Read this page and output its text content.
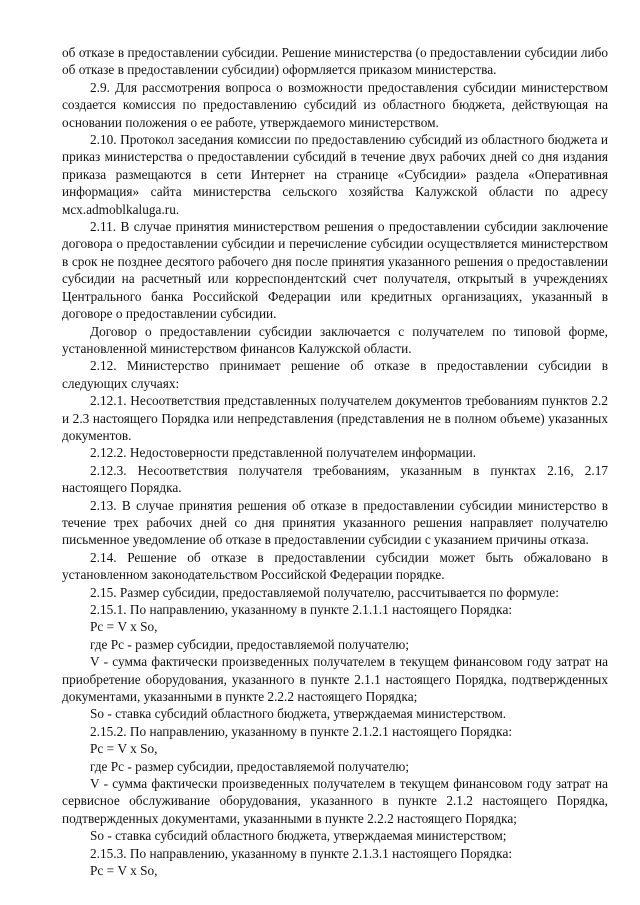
об отказе в предоставлении субсидии. Решение министерства (о предоставлении субсидии либо об отказе в предоставлении субсидии) оформляется приказом министерства.

2.9. Для рассмотрения вопроса о возможности предоставления субсидии министерством создается комиссия по предоставлению субсидий из областного бюджета, действующая на основании положения о ее работе, утверждаемого министерством.

2.10. Протокол заседания комиссии по предоставлению субсидий из областного бюджета и приказ министерства о предоставлении субсидий в течение двух рабочих дней со дня издания приказа размещаются в сети Интернет на странице «Субсидии» раздела «Оперативная информация» сайта министерства сельского хозяйства Калужской области по адресу мсх.admoblkaluga.ru.

2.11. В случае принятия министерством решения о предоставлении субсидии заключение договора о предоставлении субсидии и перечисление субсидии осуществляется министерством в срок не позднее десятого рабочего дня после принятия указанного решения о предоставлении субсидии на расчетный или корреспондентский счет получателя, открытый в учреждениях Центрального банка Российской Федерации или кредитных организациях, указанный в договоре о предоставлении субсидии.

Договор о предоставлении субсидии заключается с получателем по типовой форме, установленной министерством финансов Калужской области.

2.12. Министерство принимает решение об отказе в предоставлении субсидии в следующих случаях:

2.12.1. Несоответствия представленных получателем документов требованиям пунктов 2.2 и 2.3 настоящего Порядка или непредставления (представления не в полном объеме) указанных документов.

2.12.2. Недостоверности представленной получателем информации.

2.12.3. Несоответствия получателя требованиям, указанным в пунктах 2.16, 2.17 настоящего Порядка.

2.13. В случае принятия решения об отказе в предоставлении субсидии министерство в течение трех рабочих дней со дня принятия указанного решения направляет получателю письменное уведомление об отказе в предоставлении субсидии с указанием причины отказа.

2.14. Решение об отказе в предоставлении субсидии может быть обжаловано в установленном законодательством Российской Федерации порядке.

2.15. Размер субсидии, предоставляемой получателю, рассчитывается по формуле:

2.15.1. По направлению, указанному в пункте 2.1.1.1 настоящего Порядка:

Рс = V x So,

где Рс - размер субсидии, предоставляемой получателю;

V - сумма фактически произведенных получателем в текущем финансовом году затрат на приобретение оборудования, указанного в пункте 2.1.1 настоящего Порядка, подтвержденных документами, указанными в пункте 2.2.2 настоящего Порядка;

So - ставка субсидий областного бюджета, утверждаемая министерством.

2.15.2. По направлению, указанному в пункте 2.1.2.1 настоящего Порядка:

Рс = V x So,

где Рс - размер субсидии, предоставляемой получателю;

V - сумма фактически произведенных получателем в текущем финансовом году затрат на сервисное обслуживание оборудования, указанного в пункте 2.1.2 настоящего Порядка, подтвержденных документами, указанными в пункте 2.2.2 настоящего Порядка;

So - ставка субсидий областного бюджета, утверждаемая министерством;

2.15.3. По направлению, указанному в пункте 2.1.3.1 настоящего Порядка:

Рс = V x So,
